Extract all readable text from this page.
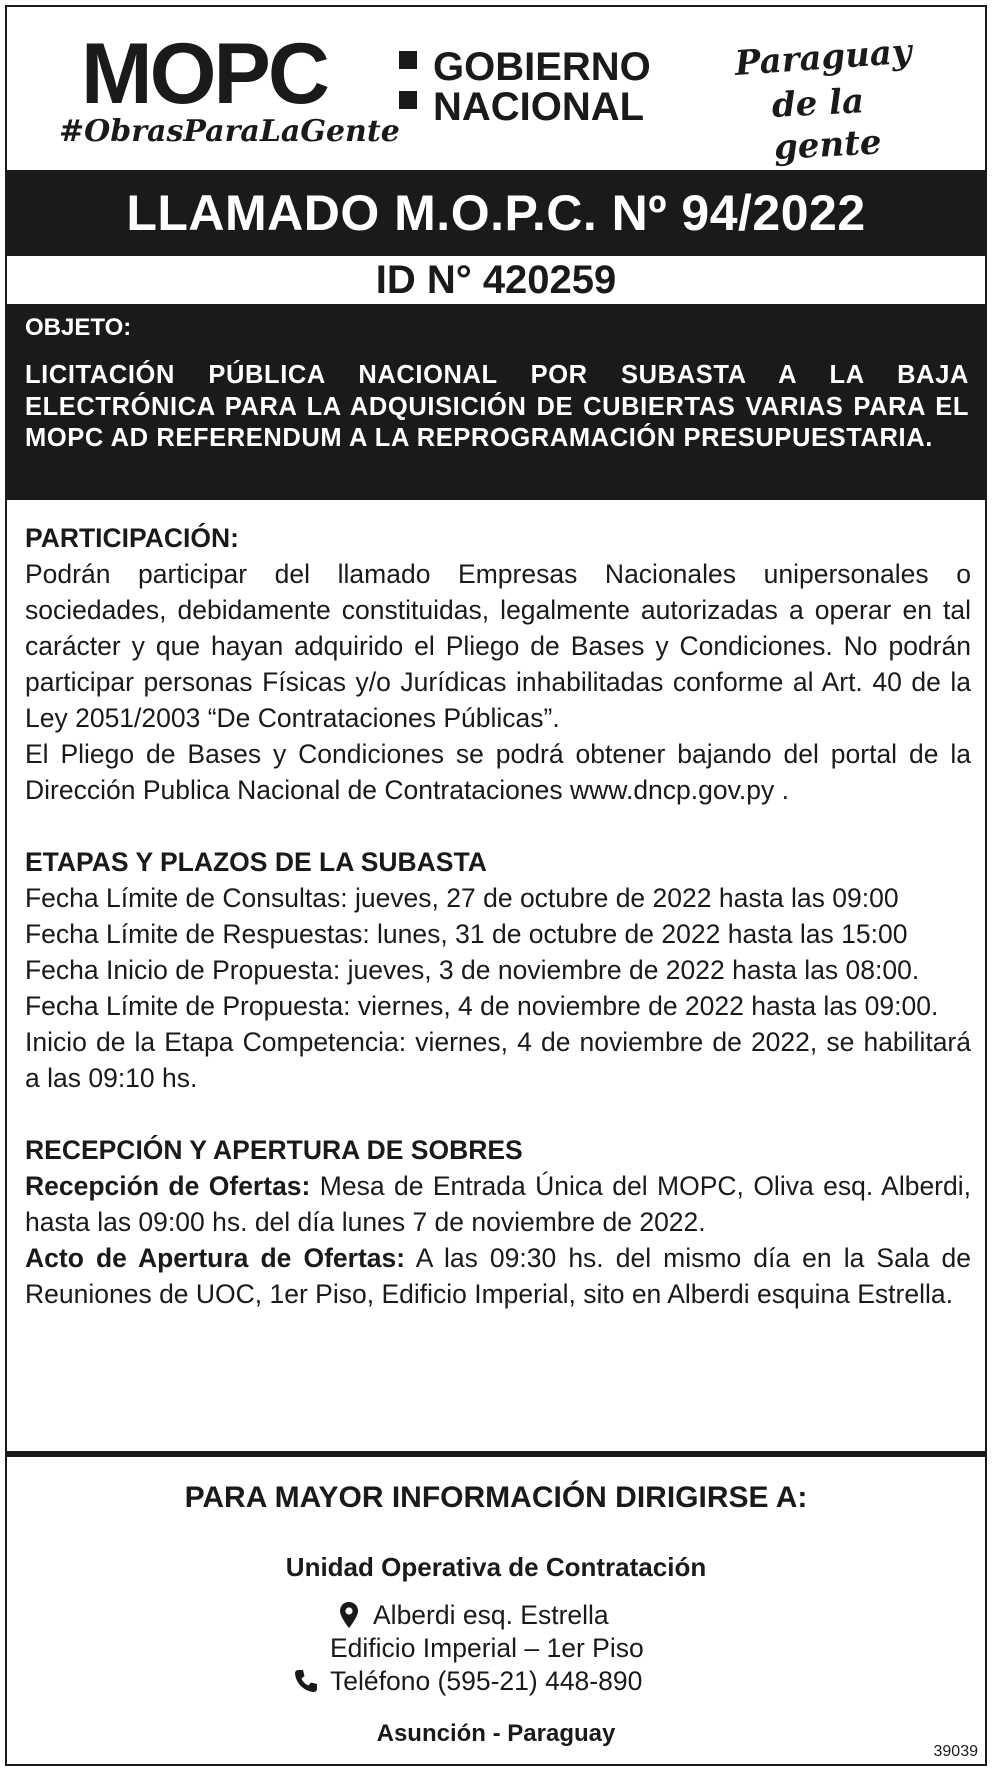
MOPC
#ObrasParaLaGente
GOBIERNO
NACIONAL
Paraguay
de la gente
LLAMADO M.O.P.C. Nº 94/2022
ID N° 420259
OBJETO:
LICITACIÓN PÚBLICA NACIONAL POR SUBASTA A LA BAJA ELECTRÓNICA PARA LA ADQUISICIÓN DE CUBIERTAS VARIAS PARA EL MOPC AD REFERENDUM A LA REPROGRAMACIÓN PRESUPUESTARIA.

PARTICIPACIÓN:

Podrán participar del llamado Empresas Nacionales unipersonales o sociedades, debidamente constituidas, legalmente autorizadas a operar en tal carácter y que hayan adquirido el Pliego de Bases y Condiciones. No podrán participar personas Físicas y/o Jurídicas inhabilitadas conforme al Art. 40 de la Ley 2051/2003 “De Contrataciones Públicas”.

El Pliego de Bases y Condiciones se podrá obtener bajando del portal de la Dirección Publica Nacional de Contrataciones www.dncp.gov.py .

ETAPAS Y PLAZOS DE LA SUBASTA

Fecha Límite de Consultas: jueves, 27 de octubre de 2022 hasta las 09:00

Fecha Límite de Respuestas: lunes, 31 de octubre de 2022 hasta las 15:00

Fecha Inicio de Propuesta: jueves, 3 de noviembre de 2022 hasta las 08:00.

Fecha Límite de Propuesta: viernes, 4 de noviembre de 2022 hasta las 09:00.

Inicio de la Etapa Competencia: viernes, 4 de noviembre de 2022, se habilitará a las 09:10 hs.

RECEPCIÓN Y APERTURA DE SOBRES

Recepción de Ofertas: Mesa de Entrada Única del MOPC, Oliva esq. Alberdi, hasta las 09:00 hs. del día lunes 7 de noviembre de 2022.

Acto de Apertura de Ofertas: A las 09:30 hs. del mismo día en la Sala de Reuniones de UOC, 1er Piso, Edificio Imperial, sito en Alberdi esquina Estrella.

PARA MAYOR INFORMACIÓN DIRIGIRSE A:
Unidad Operativa de Contratación
Alberdi esq. Estrella
Edificio Imperial – 1er Piso
Teléfono (595-21) 448-890
Asunción - Paraguay
39039
